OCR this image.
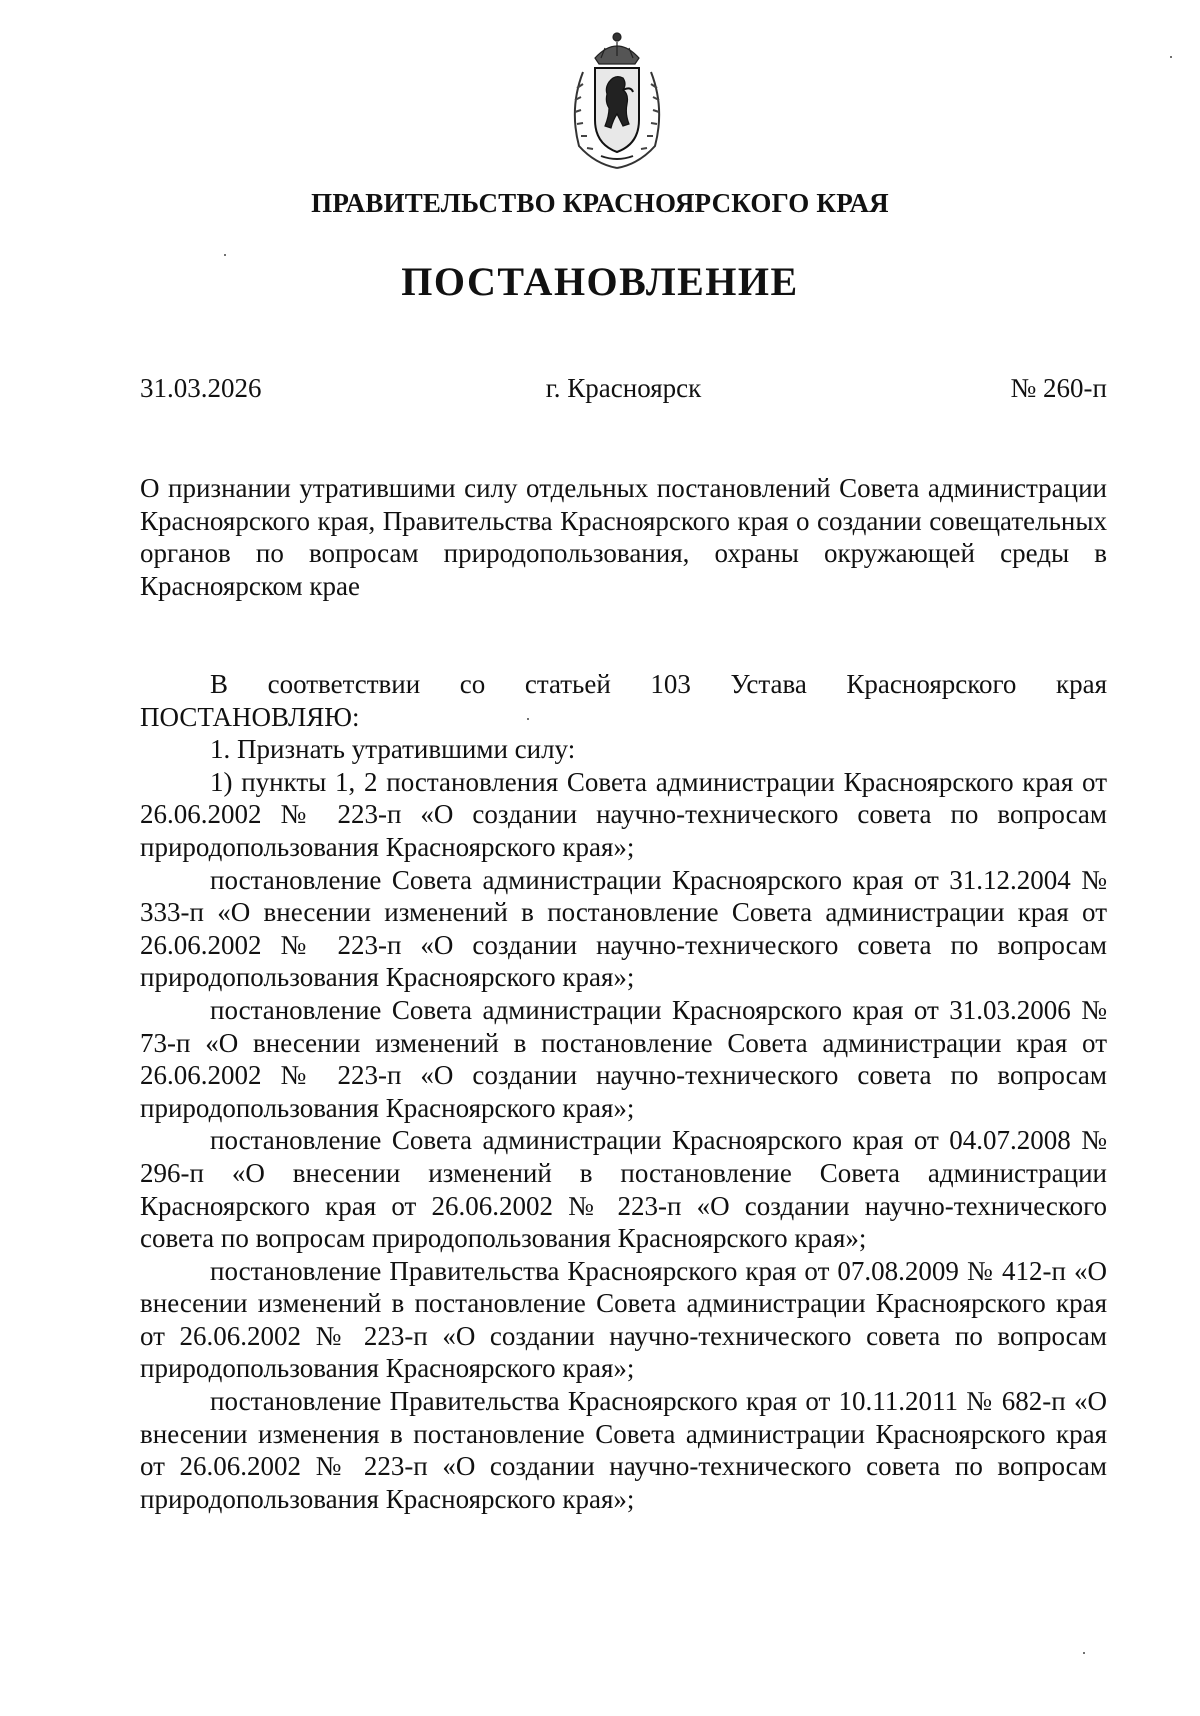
ПРАВИТЕЛЬСТВО КРАСНОЯРСКОГО КРАЯ
ПОСТАНОВЛЕНИЕ
31.03.2026	г. Красноярск	№ 260-п

О признании утратившими силу отдельных постановлений Совета администрации Красноярского края, Правительства Красноярского края о создании совещательных органов по вопросам природопользования, охраны окружающей среды в Красноярском крае

В соответствии со статьей 103 Устава Красноярского края

ПОСТАНОВЛЯЮ:

1. Признать утратившими силу:

1) пункты 1, 2 постановления Совета администрации Красноярского края от 26.06.2002 № 223-п «О создании научно-технического совета по вопросам природопользования Красноярского края»;

постановление Совета администрации Красноярского края от 31.12.2004 № 333-п «О внесении изменений в постановление Совета администрации края от 26.06.2002 № 223-п «О создании научно-технического совета по вопросам природопользования Красноярского края»;

постановление Совета администрации Красноярского края от 31.03.2006 № 73-п «О внесении изменений в постановление Совета администрации края от 26.06.2002 № 223-п «О создании научно-технического совета по вопросам природопользования Красноярского края»;

постановление Совета администрации Красноярского края от 04.07.2008 № 296-п «О внесении изменений в постановление Совета администрации Красноярского края от 26.06.2002 № 223-п «О создании научно-технического совета по вопросам природопользования Красноярского края»;

постановление Правительства Красноярского края от 07.08.2009 № 412-п «О внесении изменений в постановление Совета администрации Красноярского края от 26.06.2002 № 223-п «О создании научно-технического совета по вопросам природопользования Красноярского края»;

постановление Правительства Красноярского края от 10.11.2011 № 682-п «О внесении изменения в постановление Совета администрации Красноярского края от 26.06.2002 № 223-п «О создании научно-технического совета по вопросам природопользования Красноярского края»;
